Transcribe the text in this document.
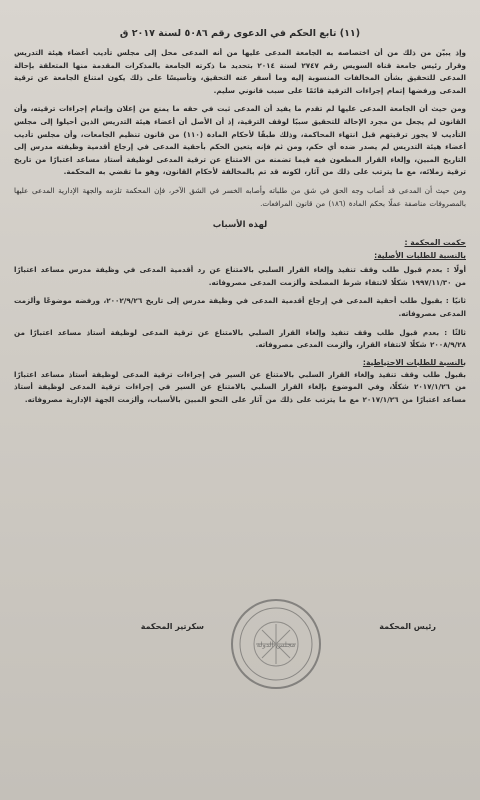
(١١) تابع الحكم في الدعوى رقم ٥٠٨٦ لسنة ٢٠١٧ ق

وإذ يبيّن من ذلك من أن اختصاصه به الجامعة المدعى عليها من أنه المدعى محل إلى مجلس تأديب أعضاء هيئة التدريس وقرار رئيس جامعة قناة السويس رقم ٢٧٤٧ لسنة ٢٠١٤ بتحديد ما ذكرته الجامعة بالمذكرات المقدمة منها المتعلقة بإحالة المدعى للتحقيق بشأن المخالفات المنسوبة إليه وما أسفر عنه التحقيق، وتأسيسًا على ذلك يكون امتناع الجامعة عن ترقية المدعى ورفضها إتمام إجراءات الترقية قائمًا على سبب قانوني سليم.

ومن حيث أن الجامعة المدعى عليها لم تقدم ما يفيد أن المدعى ثبت في حقه ما يمنع من إعلان وإتمام إجراءات ترقيته، وأن القانون لم يجعل من مجرد الإحالة للتحقيق سببًا لوقف الترقية، إذ أن الأصل أن أعضاء هيئة التدريس الذين أحيلوا إلى مجلس التأديب لا يجوز ترقيتهم قبل انتهاء المحاكمة، وذلك طبقًا لأحكام المادة (١١٠) من قانون تنظيم الجامعات، وأن مجلس تأديب أعضاء هيئة التدريس لم يصدر ضده أي حكم، ومن ثم فإنه يتعين الحكم بأحقية المدعى في إرجاع أقدمية وظيفته مدرس إلى التاريخ المبين، وإلغاء القرار المطعون فيه فيما تضمنه من الامتناع عن ترقية المدعى لوظيفة أستاذ مساعد اعتبارًا من تاريخ ترقية زملائه، مع ما يترتب على ذلك من آثار، لكونه قد تم بالمخالفة لأحكام القانون، وهو ما تقضي به المحكمة.

ومن حيث أن المدعى قد أصاب وجه الحق في شق من طلباته وأصابه الخسر في الشق الآخر، فإن المحكمة تلزمه والجهة الإدارية المدعى عليها بالمصروفات مناصفة عملًا بحكم المادة (١٨٦) من قانون المرافعات.

لهذه الأسباب
حكمت المحكمة :
بالنسبة للطلبات الأصلية:

أولًا : بعدم قبول طلب وقف تنفيذ وإلغاء القرار السلبي بالامتناع عن رد أقدمية المدعى في وظيفة مدرس مساعد اعتبارًا من ١٩٩٧/١١/٣٠ شكلًا لانتفاء شرط المصلحة وألزمت المدعى مصروفاته.

ثانيًا : بقبول طلب أحقية المدعى في إرجاع أقدمية المدعى في وظيفة مدرس إلى تاريخ ٢٠٠٢/٩/٢٦، ورفضه موضوعًا وألزمت المدعى مصروفاته.

ثالثًا : بعدم قبول طلب وقف تنفيذ وإلغاء القرار السلبي بالامتناع عن ترقية المدعى لوظيفة أستاذ مساعد اعتبارًا من ٢٠٠٨/٩/٢٨ شكلًا لانتفاء القرار، وألزمت المدعى مصروفاته.

بالنسبة للطلبات الاحتياطية:

بقبول طلب وقف تنفيذ وإلغاء القرار السلبي بالامتناع عن السير في إجراءات ترقية المدعى لوظيفة أستاذ مساعد اعتبارًا من ٢٠١٧/١/٢٦ شكلًا، وفي الموضوع بإلغاء القرار السلبي بالامتناع عن السير في إجراءات ترقية المدعى لوظيفة أستاذ مساعد اعتبارًا من ٢٠١٧/١/٢٦ مع ما يترتب على ذلك من آثار على النحو المبين بالأسباب، وألزمت الجهة الإدارية مصروفاته.

سكرتير المحكمة	رئيس المحكمة
مجلس الدولة
